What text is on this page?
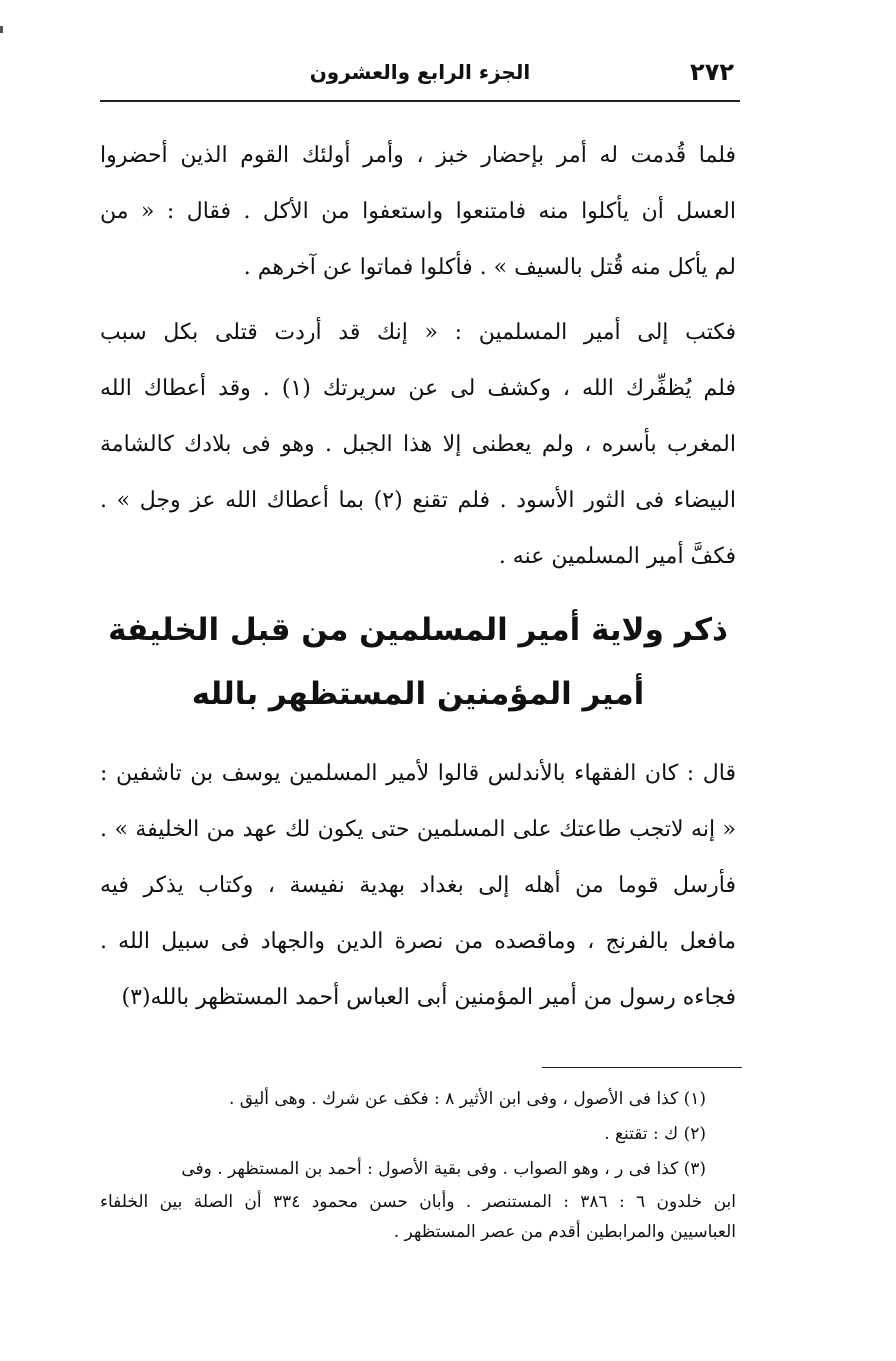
٢٧٢
الجزء الرابع والعشرون
فلما قُدمت له أمر بإحضار خبز ، وأمر أولئك القوم الذين أحضروا
العسل أن يأكلوا منه فامتنعوا واستعفوا من الأكل . فقال : « من
لم يأكل منه قُتل بالسيف » . فأكلوا فماتوا عن آخرهم .
فكتب إلى أمير المسلمين : « إنك قد أردت قتلى بكل سبب
فلم يُظفِّرك الله ، وكشف لى عن سريرتك (١) . وقد أعطاك الله
المغرب بأسره ، ولم يعطنى إلا هذا الجبل . وهو فى بلادك كالشامة
البيضاء فى الثور الأسود . فلم تقنع (٢) بما أعطاك الله عز وجل » .
فكفَّ أمير المسلمين عنه .
ذكر ولاية أمير المسلمين من قبل الخليفة
أمير المؤمنين المستظهر بالله
قال : كان الفقهاء بالأندلس قالوا لأمير المسلمين يوسف بن تاشفين :
« إنه لاتجب طاعتك على المسلمين حتى يكون لك عهد من الخليفة » .
فأرسل قوما من أهله إلى بغداد بهدية نفيسة ، وكتاب يذكر فيه
مافعل بالفرنج ، وماقصده من نصرة الدين والجهاد فى سبيل الله .
فجاءه رسول من أمير المؤمنين أبى العباس أحمد المستظهر بالله(٣)
(١) كذا فى الأصول ، وفى ابن الأثير ٨ : فكف عن شرك . وهى أليق .
(٢) ك : تقتنع .
(٣) كذا فى ر ، وهو الصواب . وفى بقية الأصول : أحمد بن المستظهر . وفى
ابن خلدون ٦ : ٣٨٦ : المستنصر . وأبان حسن محمود ٣٣٤ أن الصلة بين الخلفاء
العباسيين والمرابطين أقدم من عصر المستظهر .
